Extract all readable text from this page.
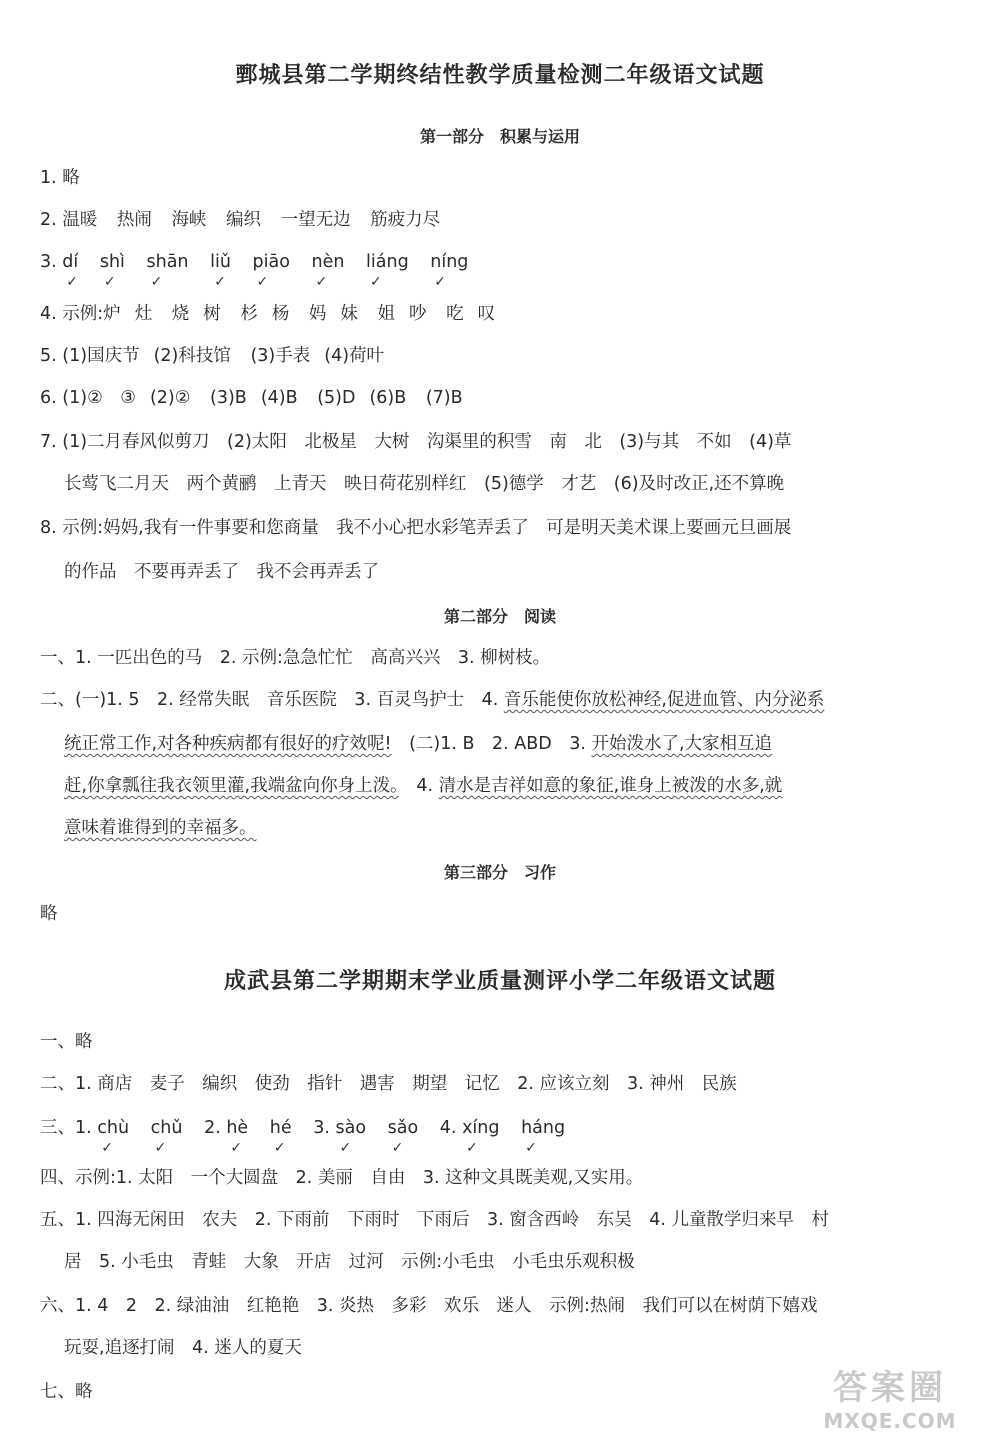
鄄城县第二学期终结性教学质量检测二年级语文试题
第一部分　积累与运用
1. 略
2. 温暖 热闹 海峡 编织 一望无边 筋疲力尽
3. dí
✓
shì
✓
shān
✓
liǔ
✓
piāo
✓
nèn
✓
liáng
✓
níng
✓
4. 示例:炉 灶 烧 树 杉 杨 妈 妹 姐 吵 吃 叹
5. (1)国庆节 (2)科技馆 (3)手表 (4)荷叶
6. (1)②　③ (2)② (3)B (4)B (5)D (6)B (7)B
7. (1)二月春风似剪刀　(2)太阳　北极星　大树　沟渠里的积雪　南　北　(3)与其　不如　(4)草
长莺飞二月天　两个黄鹂　上青天　映日荷花别样红　(5)德学　才艺　(6)及时改正,还不算晚
8. 示例:妈妈,我有一件事要和您商量　我不小心把水彩笔弄丢了　可是明天美术课上要画元旦画展
的作品　不要再弄丢了　我不会再弄丢了
第二部分　阅读
一、1. 一匹出色的马　2. 示例:急急忙忙　高高兴兴　3. 柳树枝。
二、(一)1. 5　2. 经常失眠　音乐医院　3. 百灵鸟护士　4. 音乐能使你放松神经,促进血管、内分泌系
统正常工作,对各种疾病都有很好的疗效呢!　(二)1. B　2. ABD　3. 开始泼水了,大家相互追
赶,你拿瓢往我衣领里灌,我端盆向你身上泼。　4. 清水是吉祥如意的象征,谁身上被泼的水多,就
意味着谁得到的幸福多。
第三部分　习作
略
成武县第二学期期末学业质量测评小学二年级语文试题
一、略
二、1. 商店　麦子　编织　使劲　指针　遇害　期望　记忆　2. 应该立刻　3. 神州　民族
三、1. chù
✓
chǔ
✓
2. hè
✓
hé
✓
3. sào
✓
sǎo
✓
4. xíng
✓
háng
✓
四、示例:1. 太阳　一个大圆盘　2. 美丽　自由　3. 这种文具既美观,又实用。
五、1. 四海无闲田　农夫　2. 下雨前　下雨时　下雨后　3. 窗含西岭　东吴　4. 儿童散学归来早　村
居　5. 小毛虫　青蛙　大象　开店　过河　示例:小毛虫　小毛虫乐观积极
六、1. 4　2　2. 绿油油　红艳艳　3. 炎热　多彩　欢乐　迷人　示例:热闹　我们可以在树荫下嬉戏
玩耍,追逐打闹　4. 迷人的夏天
七、略	答案圈
MXQE.COM
